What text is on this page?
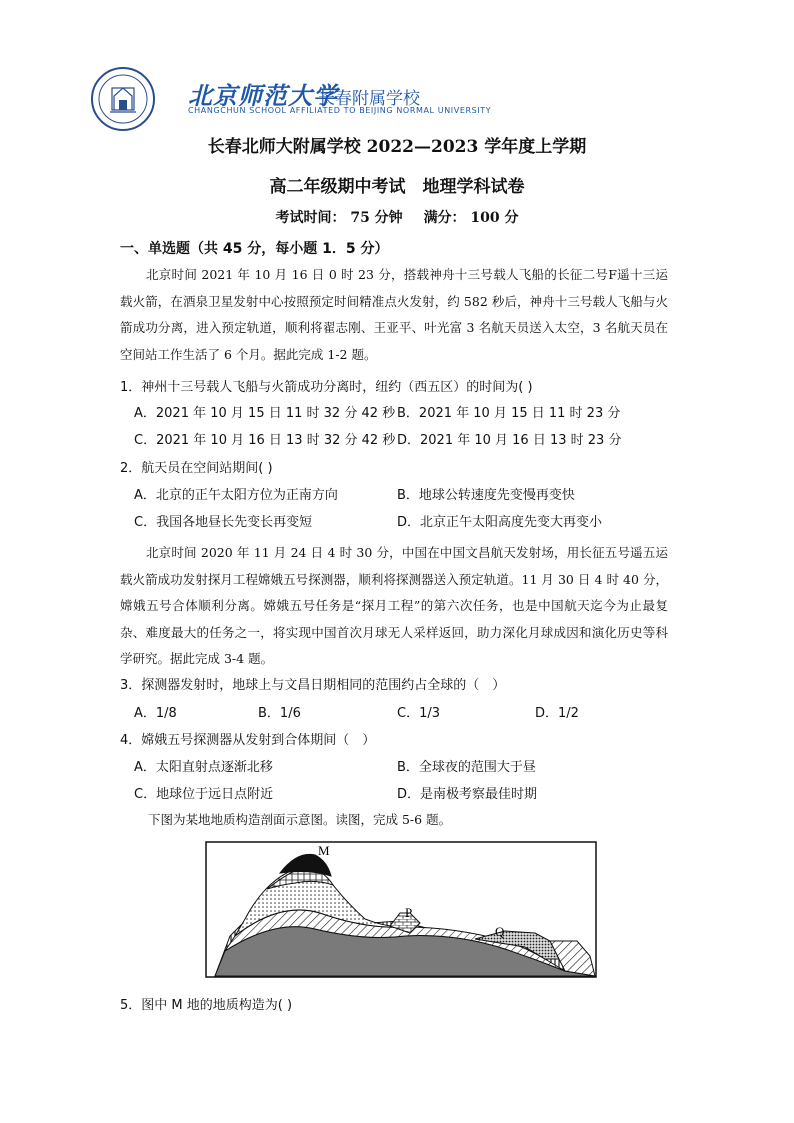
北京师范大学
长春附属学校
CHANGCHUN SCHOOL AFFILIATED TO BEIJING NORMAL UNIVERSITY
长春北师大附属学校 2022—2023 学年度上学期
高二年级期中考试　地理学科试卷
考试时间： 75 分钟 满分： 100 分
一、单选题（共 45 分，每小题 1．5 分）
北京时间 2021 年 10 月 16 日 0 时 23 分，搭载神舟十三号载人飞船的长征二号F遥十三运载火箭，在酒泉卫星发射中心按照预定时间精准点火发射，约 582 秒后，神舟十三号载人飞船与火箭成功分离，进入预定轨道，顺利将翟志刚、王亚平、叶光富 3 名航天员送入太空，3 名航天员在空间站工作生活了 6 个月。据此完成 1-2 题。
1．神州十三号载人飞船与火箭成功分离时，纽约（西五区）的时间为( )
A．2021 年 10 月 15 日 11 时 32 分 42 秒 B．2021 年 10 月 15 日 11 时 23 分
C．2021 年 10 月 16 日 13 时 32 分 42 秒 D．2021 年 10 月 16 日 13 时 23 分
2．航天员在空间站期间( )
A．北京的正午太阳方位为正南方向	B．地球公转速度先变慢再变快
C．我国各地昼长先变长再变短	D．北京正午太阳高度先变大再变小
北京时间 2020 年 11 月 24 日 4 时 30 分，中国在中国文昌航天发射场，用长征五号遥五运载火箭成功发射探月工程嫦娥五号探测器，顺利将探测器送入预定轨道。11 月 30 日 4 时 40 分，嫦娥五号合体顺利分离。嫦娥五号任务是“探月工程”的第六次任务，也是中国航天迄今为止最复杂、难度最大的任务之一，将实现中国首次月球无人采样返回，助力深化月球成因和演化历史等科学研究。据此完成 3-4 题。
3．探测器发射时，地球上与文昌日期相同的范围约占全球的（　）
A．1/8	B．1/6	C．1/3	D．1/2
4．嫦娥五号探测器从发射到合体期间（　）
A．太阳直射点逐渐北移	B．全球夜的范围大于昼
C．地球位于远日点附近	D．是南极考察最佳时期
下图为某地地质构造剖面示意图。读图，完成 5-6 题。
M
P
Q
5．图中 M 地的地质构造为( )
